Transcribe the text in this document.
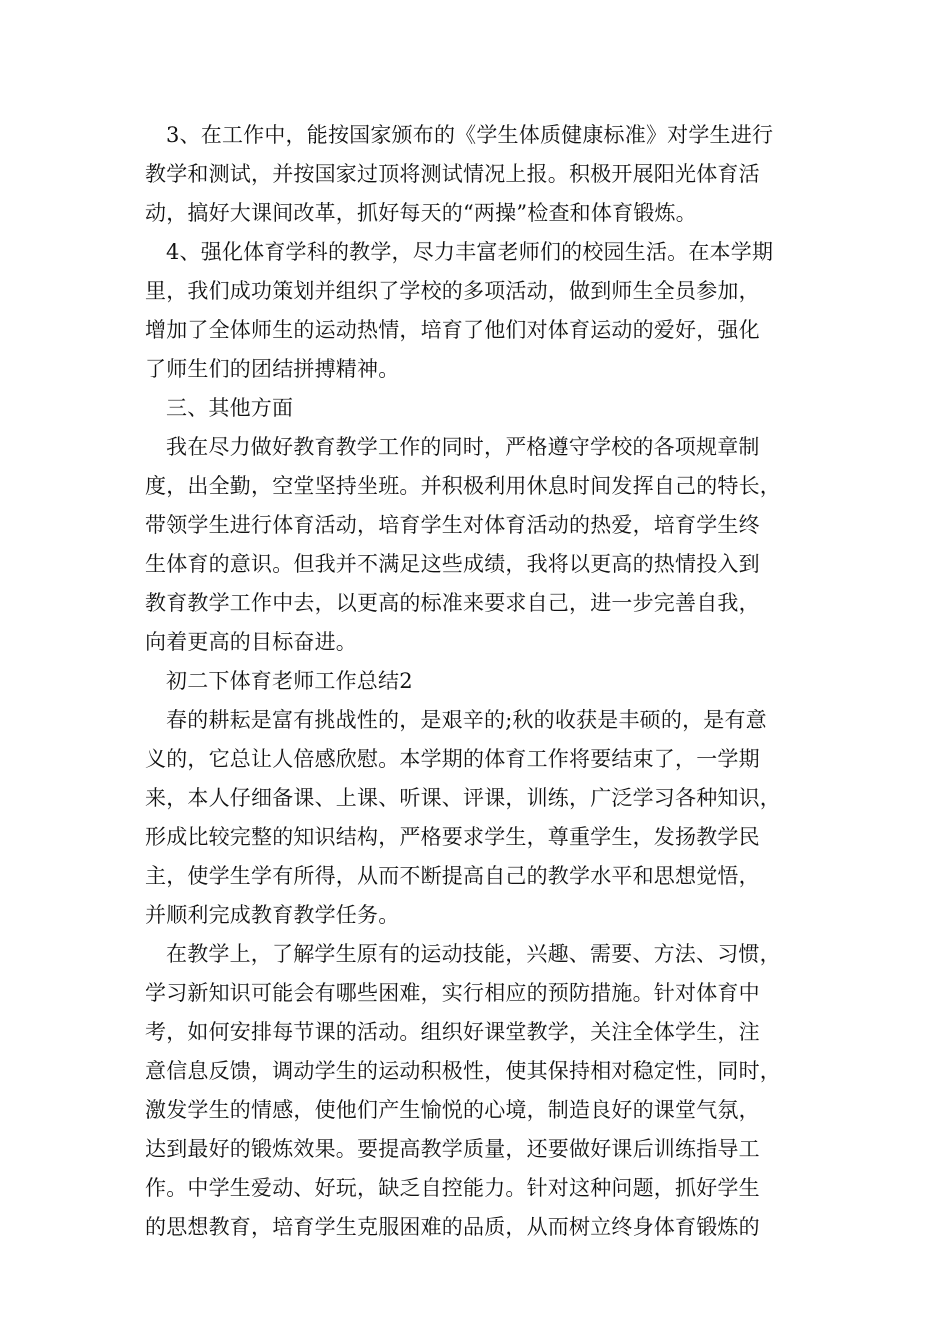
3、在工作中，能按国家颁布的《学生体质健康标准》对学生进行
教学和测试，并按国家过顶将测试情况上报。积极开展阳光体育活
动，搞好大课间改革，抓好每天的“两操”检查和体育锻炼。
4、强化体育学科的教学，尽力丰富老师们的校园生活。在本学期
里，我们成功策划并组织了学校的多项活动，做到师生全员参加，
增加了全体师生的运动热情，培育了他们对体育运动的爱好，强化
了师生们的团结拼搏精神。
三、其他方面
我在尽力做好教育教学工作的同时，严格遵守学校的各项规章制
度，出全勤，空堂坚持坐班。并积极利用休息时间发挥自己的特长，
带领学生进行体育活动，培育学生对体育活动的热爱，培育学生终
生体育的意识。但我并不满足这些成绩，我将以更高的热情投入到
教育教学工作中去，以更高的标准来要求自己，进一步完善自我，
向着更高的目标奋进。
初二下体育老师工作总结2
春的耕耘是富有挑战性的，是艰辛的;秋的收获是丰硕的，是有意
义的，它总让人倍感欣慰。本学期的体育工作将要结束了，一学期
来，本人仔细备课、上课、听课、评课，训练，广泛学习各种知识，
形成比较完整的知识结构，严格要求学生，尊重学生，发扬教学民
主，使学生学有所得，从而不断提高自己的教学水平和思想觉悟，
并顺利完成教育教学任务。
在教学上，了解学生原有的运动技能，兴趣、需要、方法、习惯，
学习新知识可能会有哪些困难，实行相应的预防措施。针对体育中
考，如何安排每节课的活动。组织好课堂教学，关注全体学生，注
意信息反馈，调动学生的运动积极性，使其保持相对稳定性，同时，
激发学生的情感，使他们产生愉悦的心境，制造良好的课堂气氛，
达到最好的锻炼效果。要提高教学质量，还要做好课后训练指导工
作。中学生爱动、好玩，缺乏自控能力。针对这种问题，抓好学生
的思想教育，培育学生克服困难的品质，从而树立终身体育锻炼的
